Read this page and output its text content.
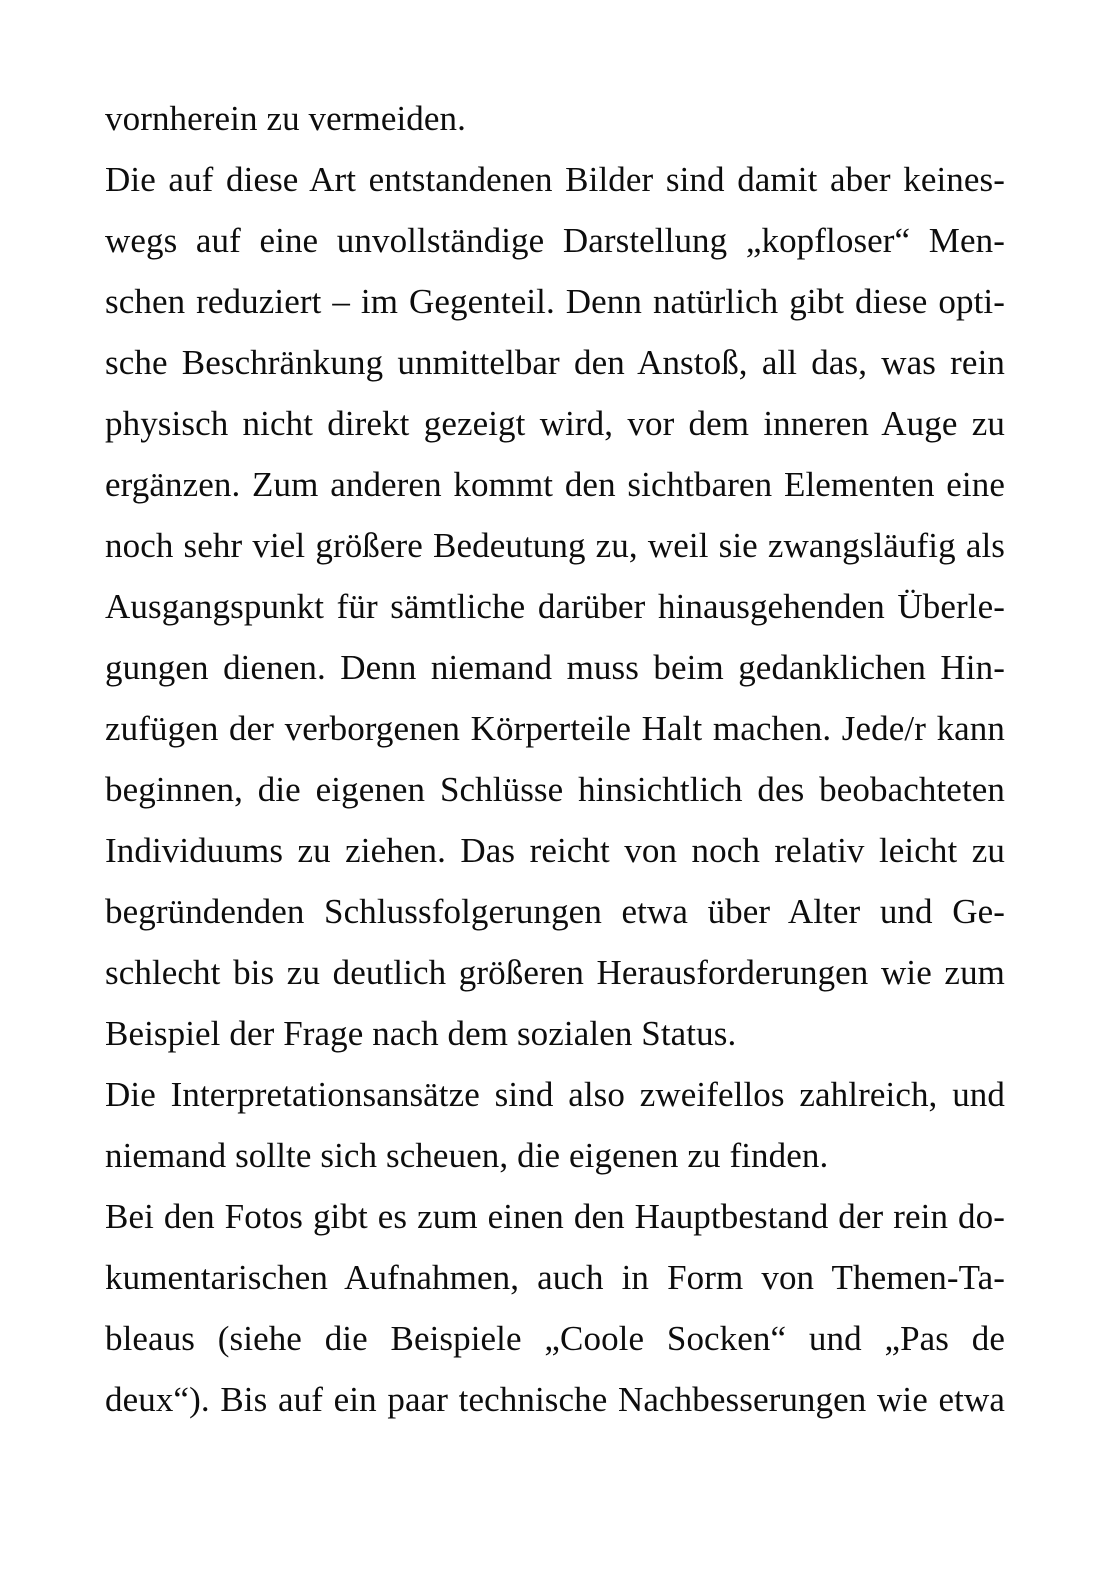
vornherein zu vermeiden.
Die auf diese Art entstandenen Bilder sind damit aber keines-
wegs auf eine unvollständige Darstellung „kopfloser“ Men-
schen reduziert – im Gegenteil. Denn natürlich gibt diese opti-
sche Beschränkung unmittelbar den Anstoß, all das, was rein
physisch nicht direkt gezeigt wird, vor dem inneren Auge zu
ergänzen. Zum anderen kommt den sichtbaren Elementen eine
noch sehr viel größere Bedeutung zu, weil sie zwangsläufig als
Ausgangspunkt für sämtliche darüber hinausgehenden Überle-
gungen dienen. Denn niemand muss beim gedanklichen Hin-
zufügen der verborgenen Körperteile Halt machen. Jede/r kann
beginnen, die eigenen Schlüsse hinsichtlich des beobachteten
Individuums zu ziehen. Das reicht von noch relativ leicht zu
begründenden Schlussfolgerungen etwa über Alter und Ge-
schlecht bis zu deutlich größeren Herausforderungen wie zum
Beispiel der Frage nach dem sozialen Status.
Die Interpretationsansätze sind also zweifellos zahlreich, und
niemand sollte sich scheuen, die eigenen zu finden.
Bei den Fotos gibt es zum einen den Hauptbestand der rein do-
kumentarischen Aufnahmen, auch in Form von Themen-Ta-
bleaus (siehe die Beispiele „Coole Socken“ und „Pas de
deux“). Bis auf ein paar technische Nachbesserungen wie etwa
